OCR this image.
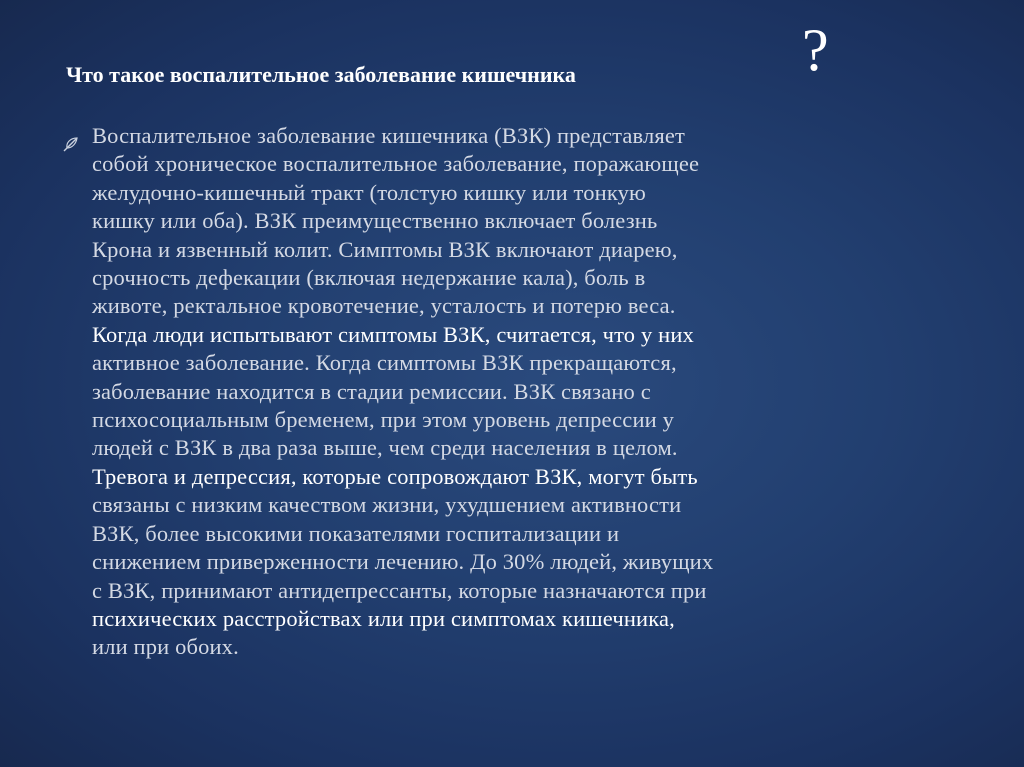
Что такое воспалительное заболевание кишечника	?
Воспалительное заболевание кишечника (ВЗК) представляет
собой хроническое воспалительное заболевание, поражающее
желудочно-кишечный тракт (толстую кишку или тонкую
кишку или оба). ВЗК преимущественно включает болезнь
Крона и язвенный колит. Симптомы ВЗК включают диарею,
срочность дефекации (включая недержание кала), боль в
животе, ректальное кровотечение, усталость и потерю веса.
Когда люди испытывают симптомы ВЗК, считается, что у них
активное заболевание. Когда симптомы ВЗК прекращаются,
заболевание находится в стадии ремиссии. ВЗК связано с
психосоциальным бременем, при этом уровень депрессии у
людей с ВЗК в два раза выше, чем среди населения в целом.
Тревога и депрессия, которые сопровождают ВЗК, могут быть
связаны с низким качеством жизни, ухудшением активности
ВЗК, более высокими показателями госпитализации и
снижением приверженности лечению. До 30% людей, живущих
с ВЗК, принимают антидепрессанты, которые назначаются при
психических расстройствах или при симптомах кишечника,
или при обоих.
